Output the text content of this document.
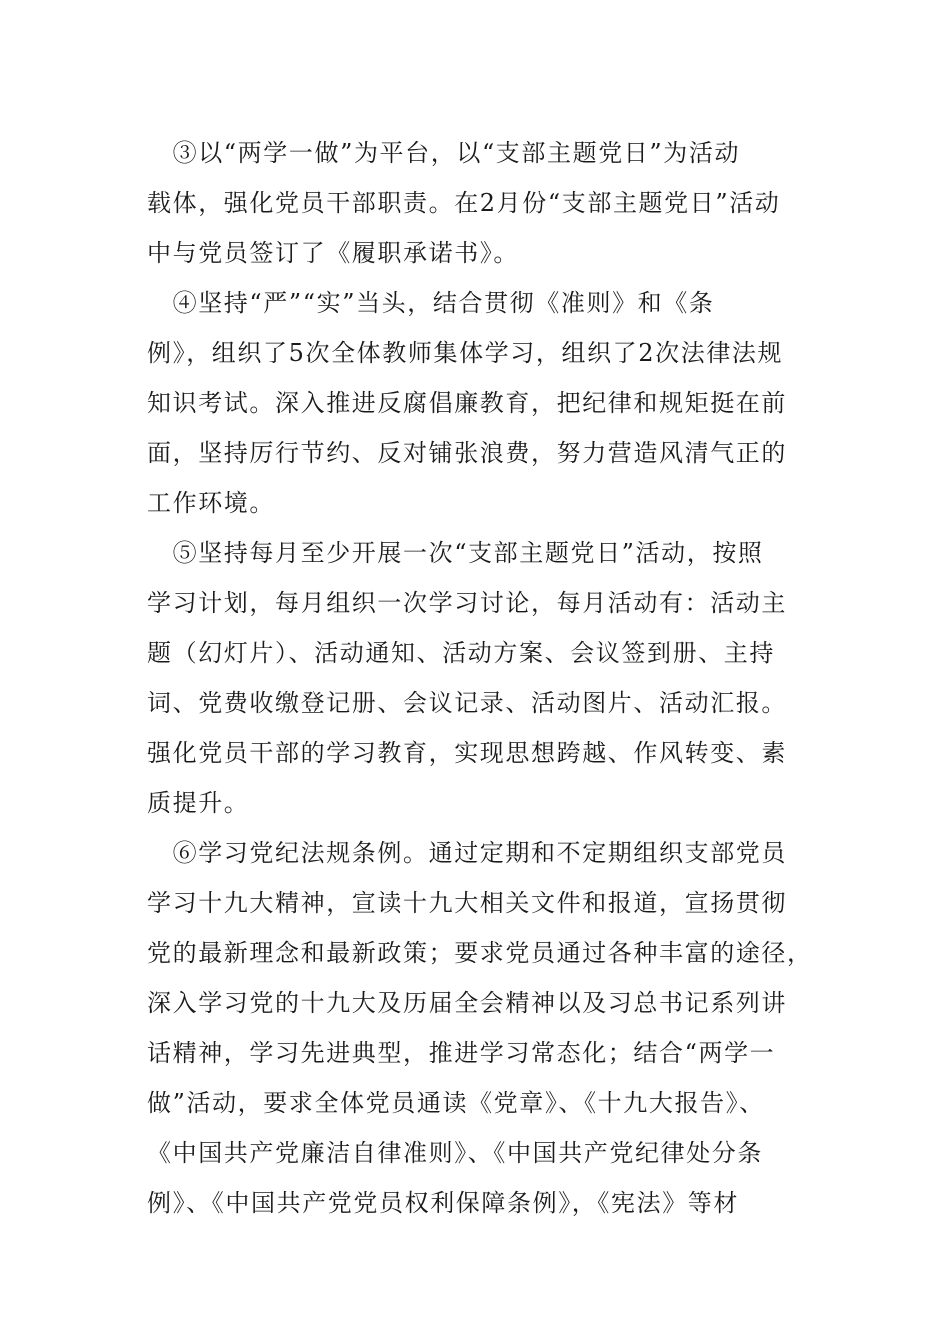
　③以“两学一做”为平台，以“支部主题党日”为活动
载体，强化党员干部职责。在2月份“支部主题党日”活动
中与党员签订了《履职承诺书》。
　④坚持“严”“实”当头，结合贯彻《准则》和《条
例》，组织了5次全体教师集体学习，组织了2次法律法规
知识考试。深入推进反腐倡廉教育，把纪律和规矩挺在前
面，坚持厉行节约、反对铺张浪费，努力营造风清气正的
工作环境。
　⑤坚持每月至少开展一次“支部主题党日”活动，按照
学习计划，每月组织一次学习讨论，每月活动有：活动主
题（幻灯片）、活动通知、活动方案、会议签到册、主持
词、党费收缴登记册、会议记录、活动图片、活动汇报。
强化党员干部的学习教育，实现思想跨越、作风转变、素
质提升。
　⑥学习党纪法规条例。通过定期和不定期组织支部党员
学习十九大精神，宣读十九大相关文件和报道，宣扬贯彻
党的最新理念和最新政策；要求党员通过各种丰富的途径，
深入学习党的十九大及历届全会精神以及习总书记系列讲
话精神，学习先进典型，推进学习常态化；结合“两学一
做”活动，要求全体党员通读《党章》、《十九大报告》、
《中国共产党廉洁自律准则》、《中国共产党纪律处分条
例》、《中国共产党党员权利保障条例》，《宪法》等材
